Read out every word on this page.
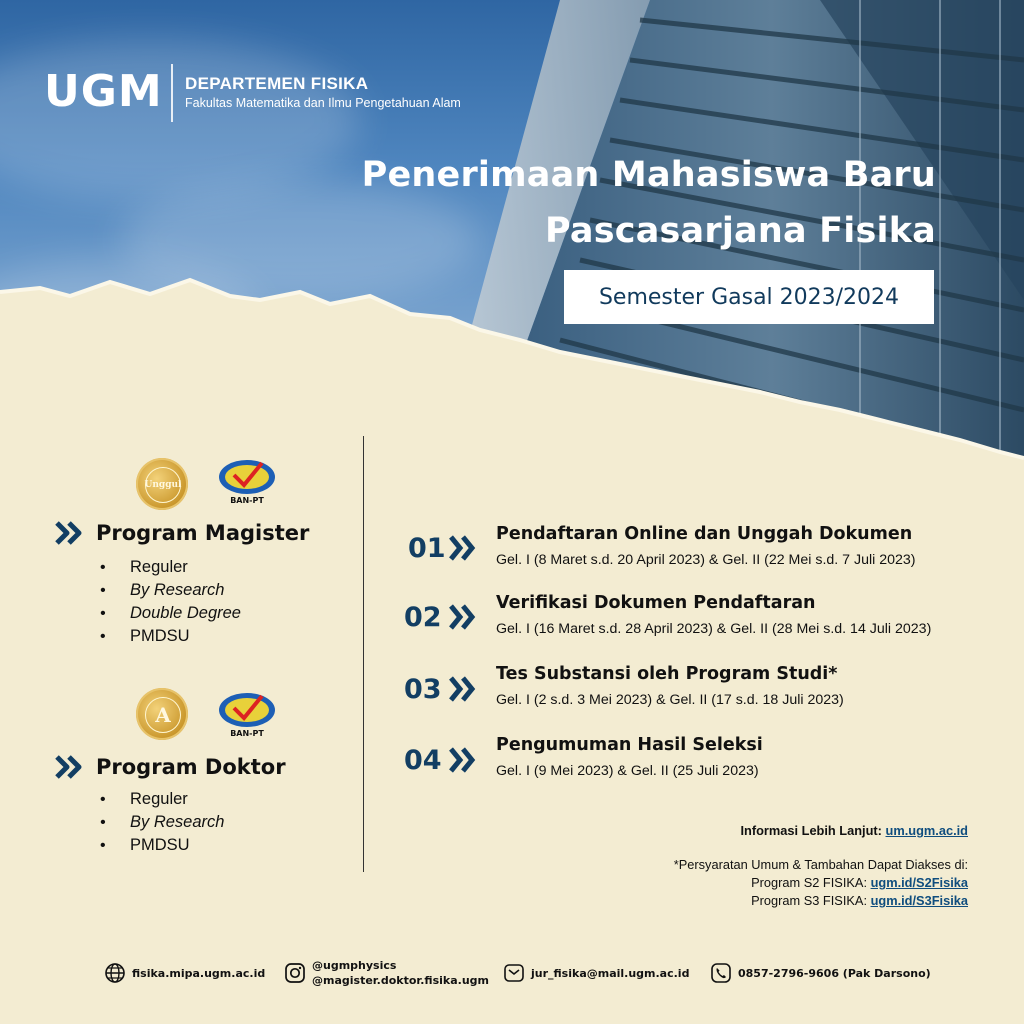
UGM DEPARTEMEN FISIKA
Fakultas Matematika dan Ilmu Pengetahuan Alam
Penerimaan Mahasiswa Baru
Pascasarjana Fisika
Semester Gasal 2023/2024
Unggul
BAN-PT
Program Magister
• Reguler
• By Research
• Double Degree
• PMDSU
A
BAN-PT
Program Doktor
• Reguler
• By Research
• PMDSU
01	Pendaftaran Online dan Unggah Dokumen
Gel. I (8 Maret s.d. 20 April 2023) & Gel. II (22 Mei s.d. 7 Juli 2023)
02	Verifikasi Dokumen Pendaftaran
Gel. I (16 Maret s.d. 28 April 2023) & Gel. II (28 Mei s.d. 14 Juli 2023)
03	Tes Substansi oleh Program Studi*
Gel. I (2 s.d. 3 Mei 2023) & Gel. II (17 s.d. 18 Juli 2023)
04	Pengumuman Hasil Seleksi
Gel. I (9 Mei 2023) & Gel. II (25 Juli 2023)
Informasi Lebih Lanjut: um.ugm.ac.id
*Persyaratan Umum & Tambahan Dapat Diakses di:
Program S2 FISIKA: ugm.id/S2Fisika
Program S3 FISIKA: ugm.id/S3Fisika
fisika.mipa.ugm.ac.id
@ugmphysics
@magister.doktor.fisika.ugm
jur_fisika@mail.ugm.ac.id	0857-2796-9606 (Pak Darsono)
